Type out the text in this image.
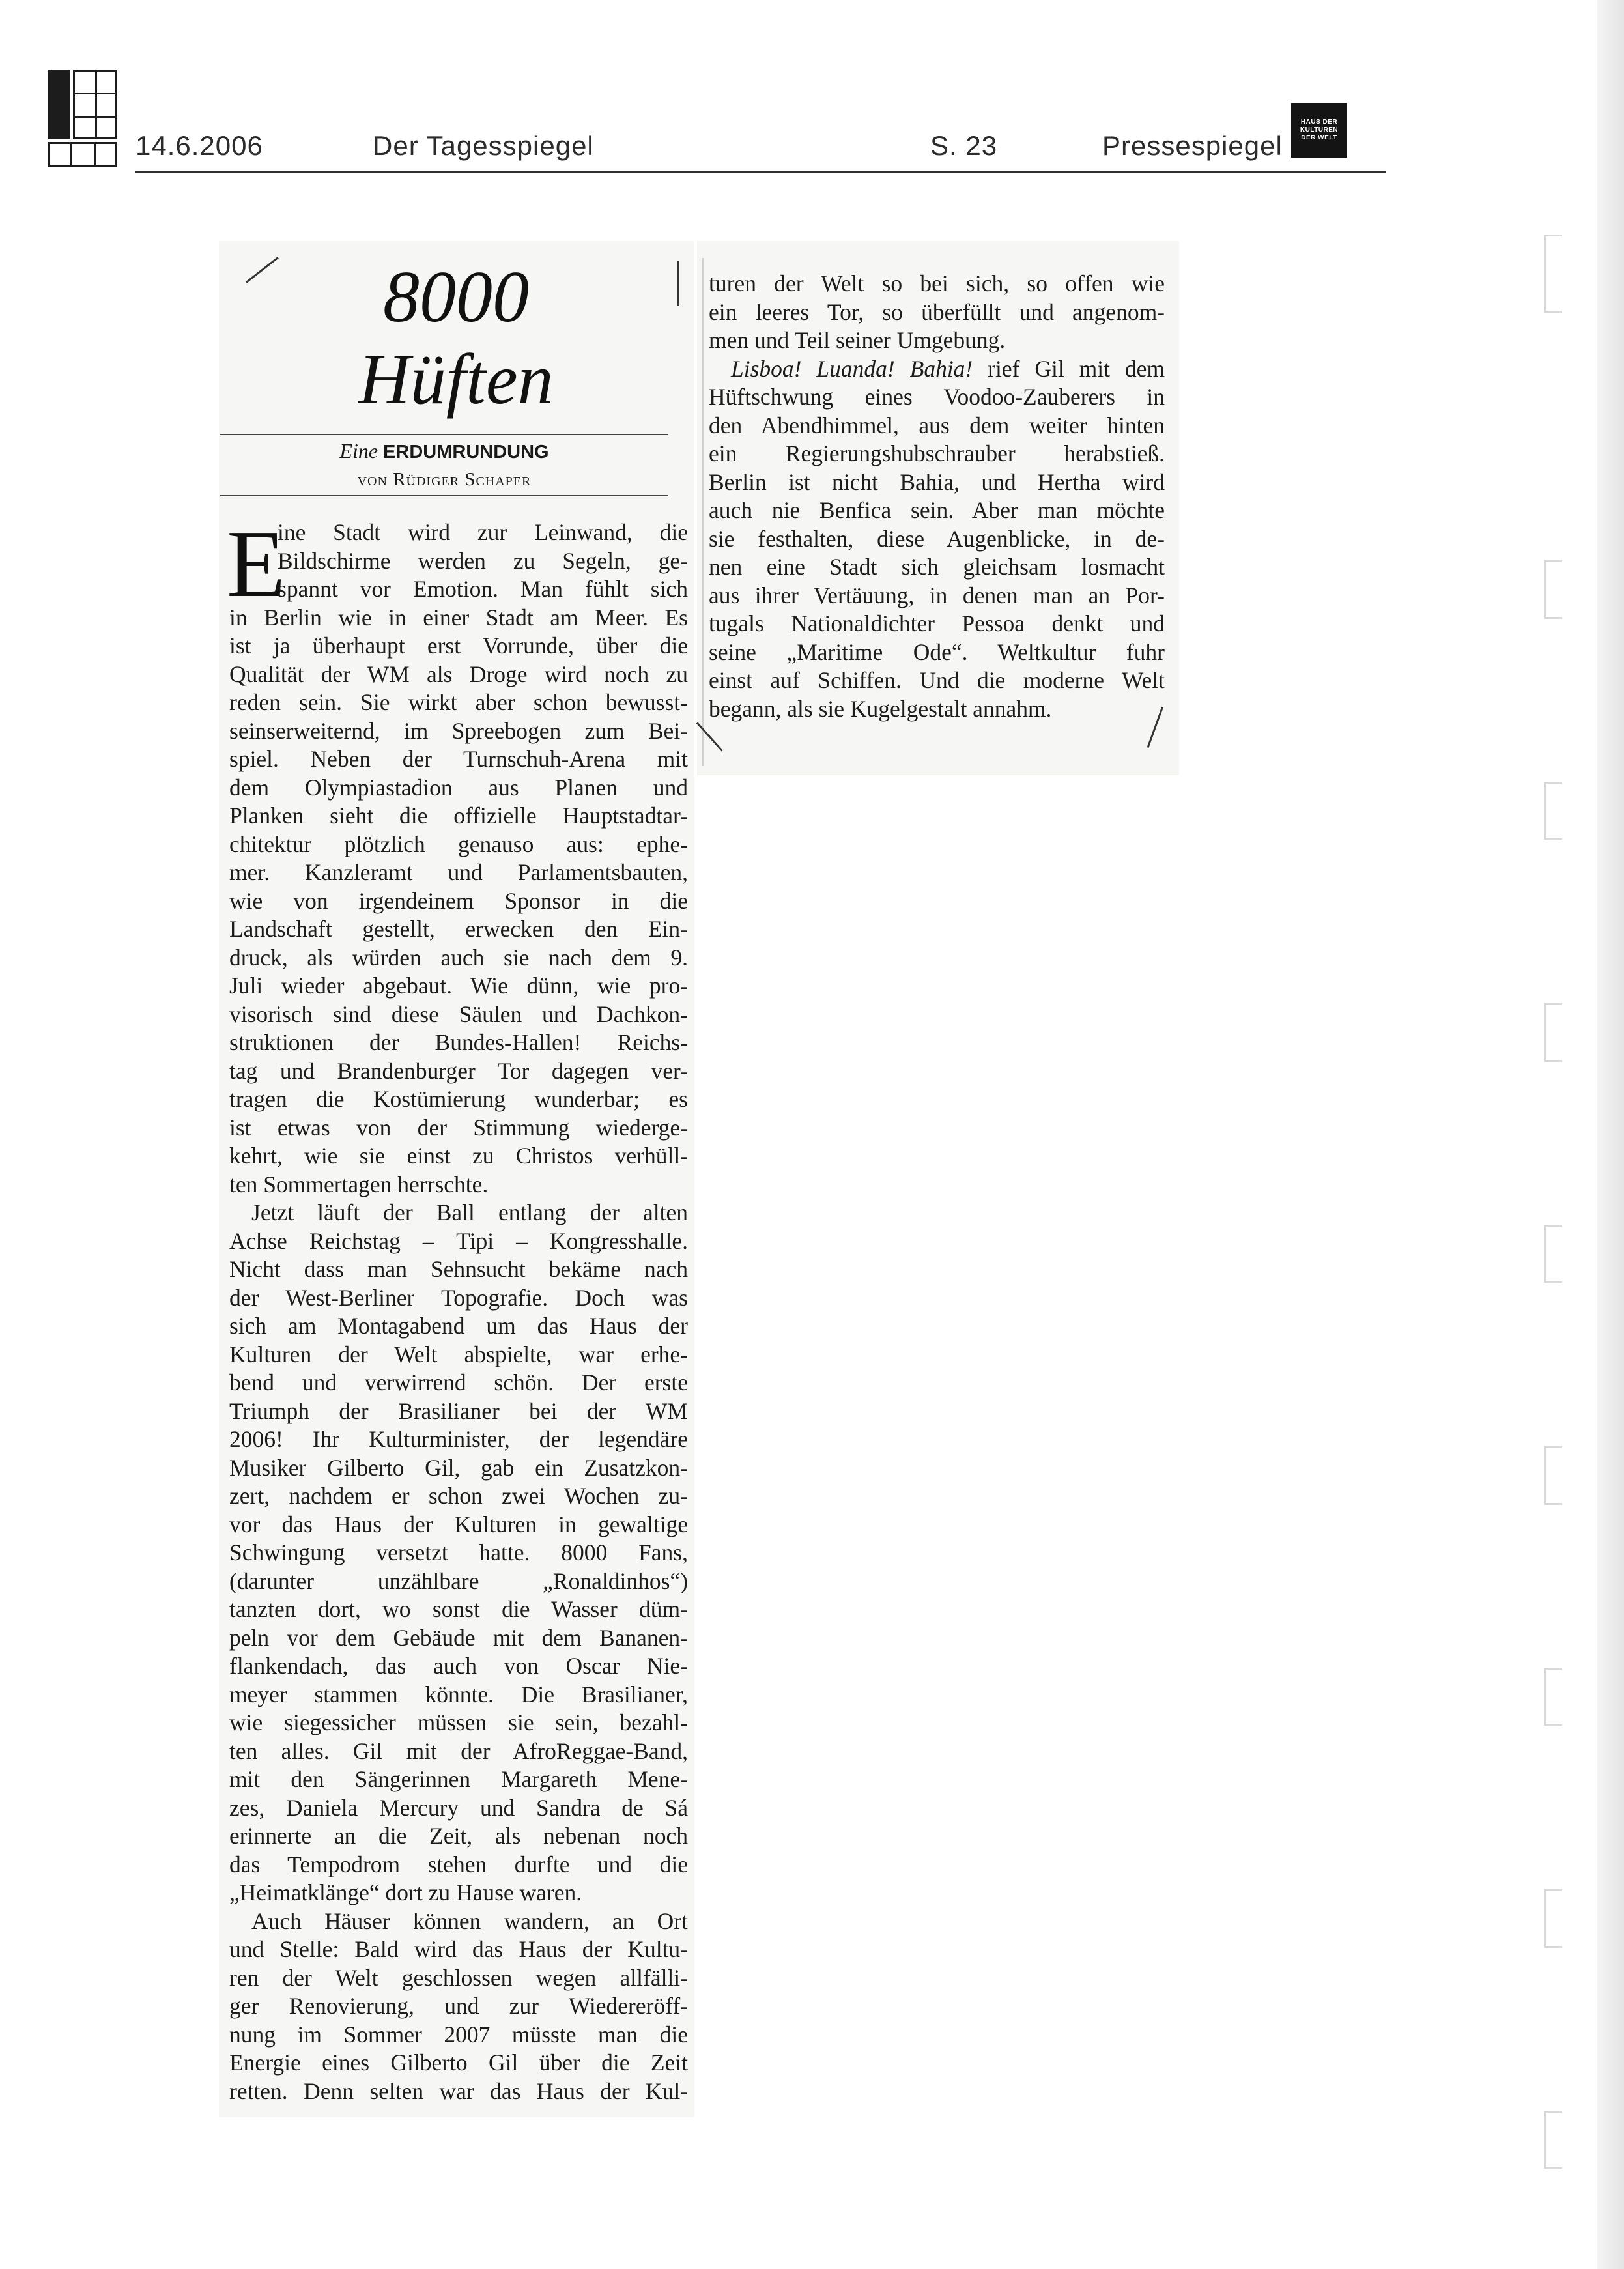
14.6.2006	Der Tagesspiegel	S. 23	Pressespiegel
HAUS DER
KULTUREN
DER WELT
8000
Hüften
Eine ERDUMRUNDUNG
von Rüdiger Schaper
E
ine Stadt wird zur Leinwand, die
Bildschirme werden zu Segeln, ge-
spannt vor Emotion. Man fühlt sich
in Berlin wie in einer Stadt am Meer. Es
ist ja überhaupt erst Vorrunde, über die
Qualität der WM als Droge wird noch zu
reden sein. Sie wirkt aber schon bewusst-
seinserweiternd, im Spreebogen zum Bei-
spiel. Neben der Turnschuh-Arena mit
dem Olympiastadion aus Planen und
Planken sieht die offizielle Hauptstadtar-
chitektur plötzlich genauso aus: ephe-
mer. Kanzleramt und Parlamentsbauten,
wie von irgendeinem Sponsor in die
Landschaft gestellt, erwecken den Ein-
druck, als würden auch sie nach dem 9.
Juli wieder abgebaut. Wie dünn, wie pro-
visorisch sind diese Säulen und Dachkon-
struktionen der Bundes-Hallen! Reichs-
tag und Brandenburger Tor dagegen ver-
tragen die Kostümierung wunderbar; es
ist etwas von der Stimmung wiederge-
kehrt, wie sie einst zu Christos verhüll-
ten Sommertagen herrschte.
Jetzt läuft der Ball entlang der alten
Achse Reichstag – Tipi – Kongresshalle.
Nicht dass man Sehnsucht bekäme nach
der West-Berliner Topografie. Doch was
sich am Montagabend um das Haus der
Kulturen der Welt abspielte, war erhe-
bend und verwirrend schön. Der erste
Triumph der Brasilianer bei der WM
2006! Ihr Kulturminister, der legendäre
Musiker Gilberto Gil, gab ein Zusatzkon-
zert, nachdem er schon zwei Wochen zu-
vor das Haus der Kulturen in gewaltige
Schwingung versetzt hatte. 8000 Fans,
(darunter unzählbare „Ronaldinhos“)
tanzten dort, wo sonst die Wasser düm-
peln vor dem Gebäude mit dem Bananen-
flankendach, das auch von Oscar Nie-
meyer stammen könnte. Die Brasilianer,
wie siegessicher müssen sie sein, bezahl-
ten alles. Gil mit der AfroReggae-Band,
mit den Sängerinnen Margareth Mene-
zes, Daniela Mercury und Sandra de Sá
erinnerte an die Zeit, als nebenan noch
das Tempodrom stehen durfte und die
„Heimatklänge“ dort zu Hause waren.
Auch Häuser können wandern, an Ort
und Stelle: Bald wird das Haus der Kultu-
ren der Welt geschlossen wegen allfälli-
ger Renovierung, und zur Wiedereröff-
nung im Sommer 2007 müsste man die
Energie eines Gilberto Gil über die Zeit
retten. Denn selten war das Haus der Kul-
turen der Welt so bei sich, so offen wie
ein leeres Tor, so überfüllt und angenom-
men und Teil seiner Umgebung.
Lisboa! Luanda! Bahia! rief Gil mit dem
Hüftschwung eines Voodoo-Zauberers in
den Abendhimmel, aus dem weiter hinten
ein Regierungshubschrauber herabstieß.
Berlin ist nicht Bahia, und Hertha wird
auch nie Benfica sein. Aber man möchte
sie festhalten, diese Augenblicke, in de-
nen eine Stadt sich gleichsam losmacht
aus ihrer Vertäuung, in denen man an Por-
tugals Nationaldichter Pessoa denkt und
seine „Maritime Ode“. Weltkultur fuhr
einst auf Schiffen. Und die moderne Welt
begann, als sie Kugelgestalt annahm.
